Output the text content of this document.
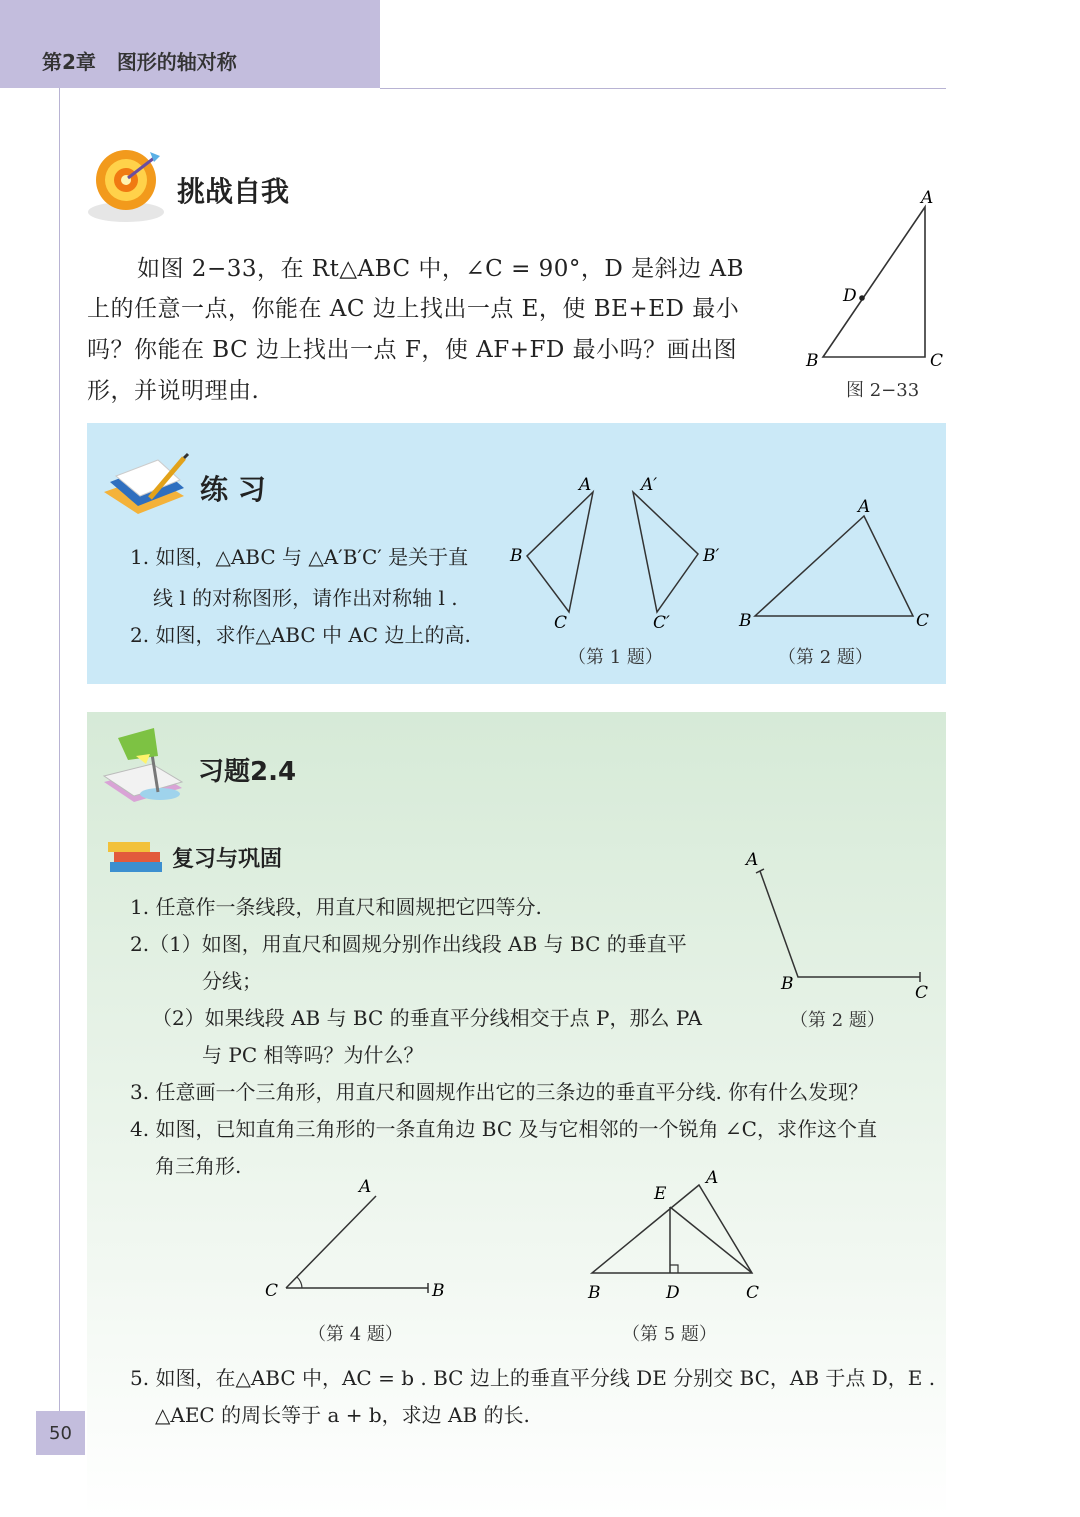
第2章 图形的轴对称
挑战自我
如图 2−33，在 Rt△ABC 中，∠C = 90°，D 是斜边 AB
上的任意一点，你能在 AC 边上找出一点 E，使 BE+ED 最小
吗？你能在 BC 边上找出一点 F，使 AF+FD 最小吗？画出图
形，并说明理由.
A
B	C
D
图 2−33
练 习
1. 如图，△ABC 与 △A′B′C′ 是关于直
线 l 的对称图形，请作出对称轴 l .
2. 如图，求作△ABC 中 AC 边上的高.
A
B
C
A′
B′
C′
（第 1 题）
A
B	C
（第 2 题）
习题2.4
复习与巩固
1. 任意作一条线段，用直尺和圆规把它四等分.
2.（1）如图，用直尺和圆规分别作出线段 AB 与 BC 的垂直平
分线；
（2）如果线段 AB 与 BC 的垂直平分线相交于点 P，那么 PA
与 PC 相等吗？为什么？
3. 任意画一个三角形，用直尺和圆规作出它的三条边的垂直平分线. 你有什么发现？
4. 如图，已知直角三角形的一条直角边 BC 及与它相邻的一个锐角 ∠C，求作这个直
角三角形.
5. 如图，在△ABC 中，AC = b . BC 边上的垂直平分线 DE 分别交 BC，AB 于点 D，E .
△AEC 的周长等于 a + b，求边 AB 的长.
A
B	C
（第 2 题）
A
C	B
（第 4 题）
E
A
B	D	C
（第 5 题）
50
